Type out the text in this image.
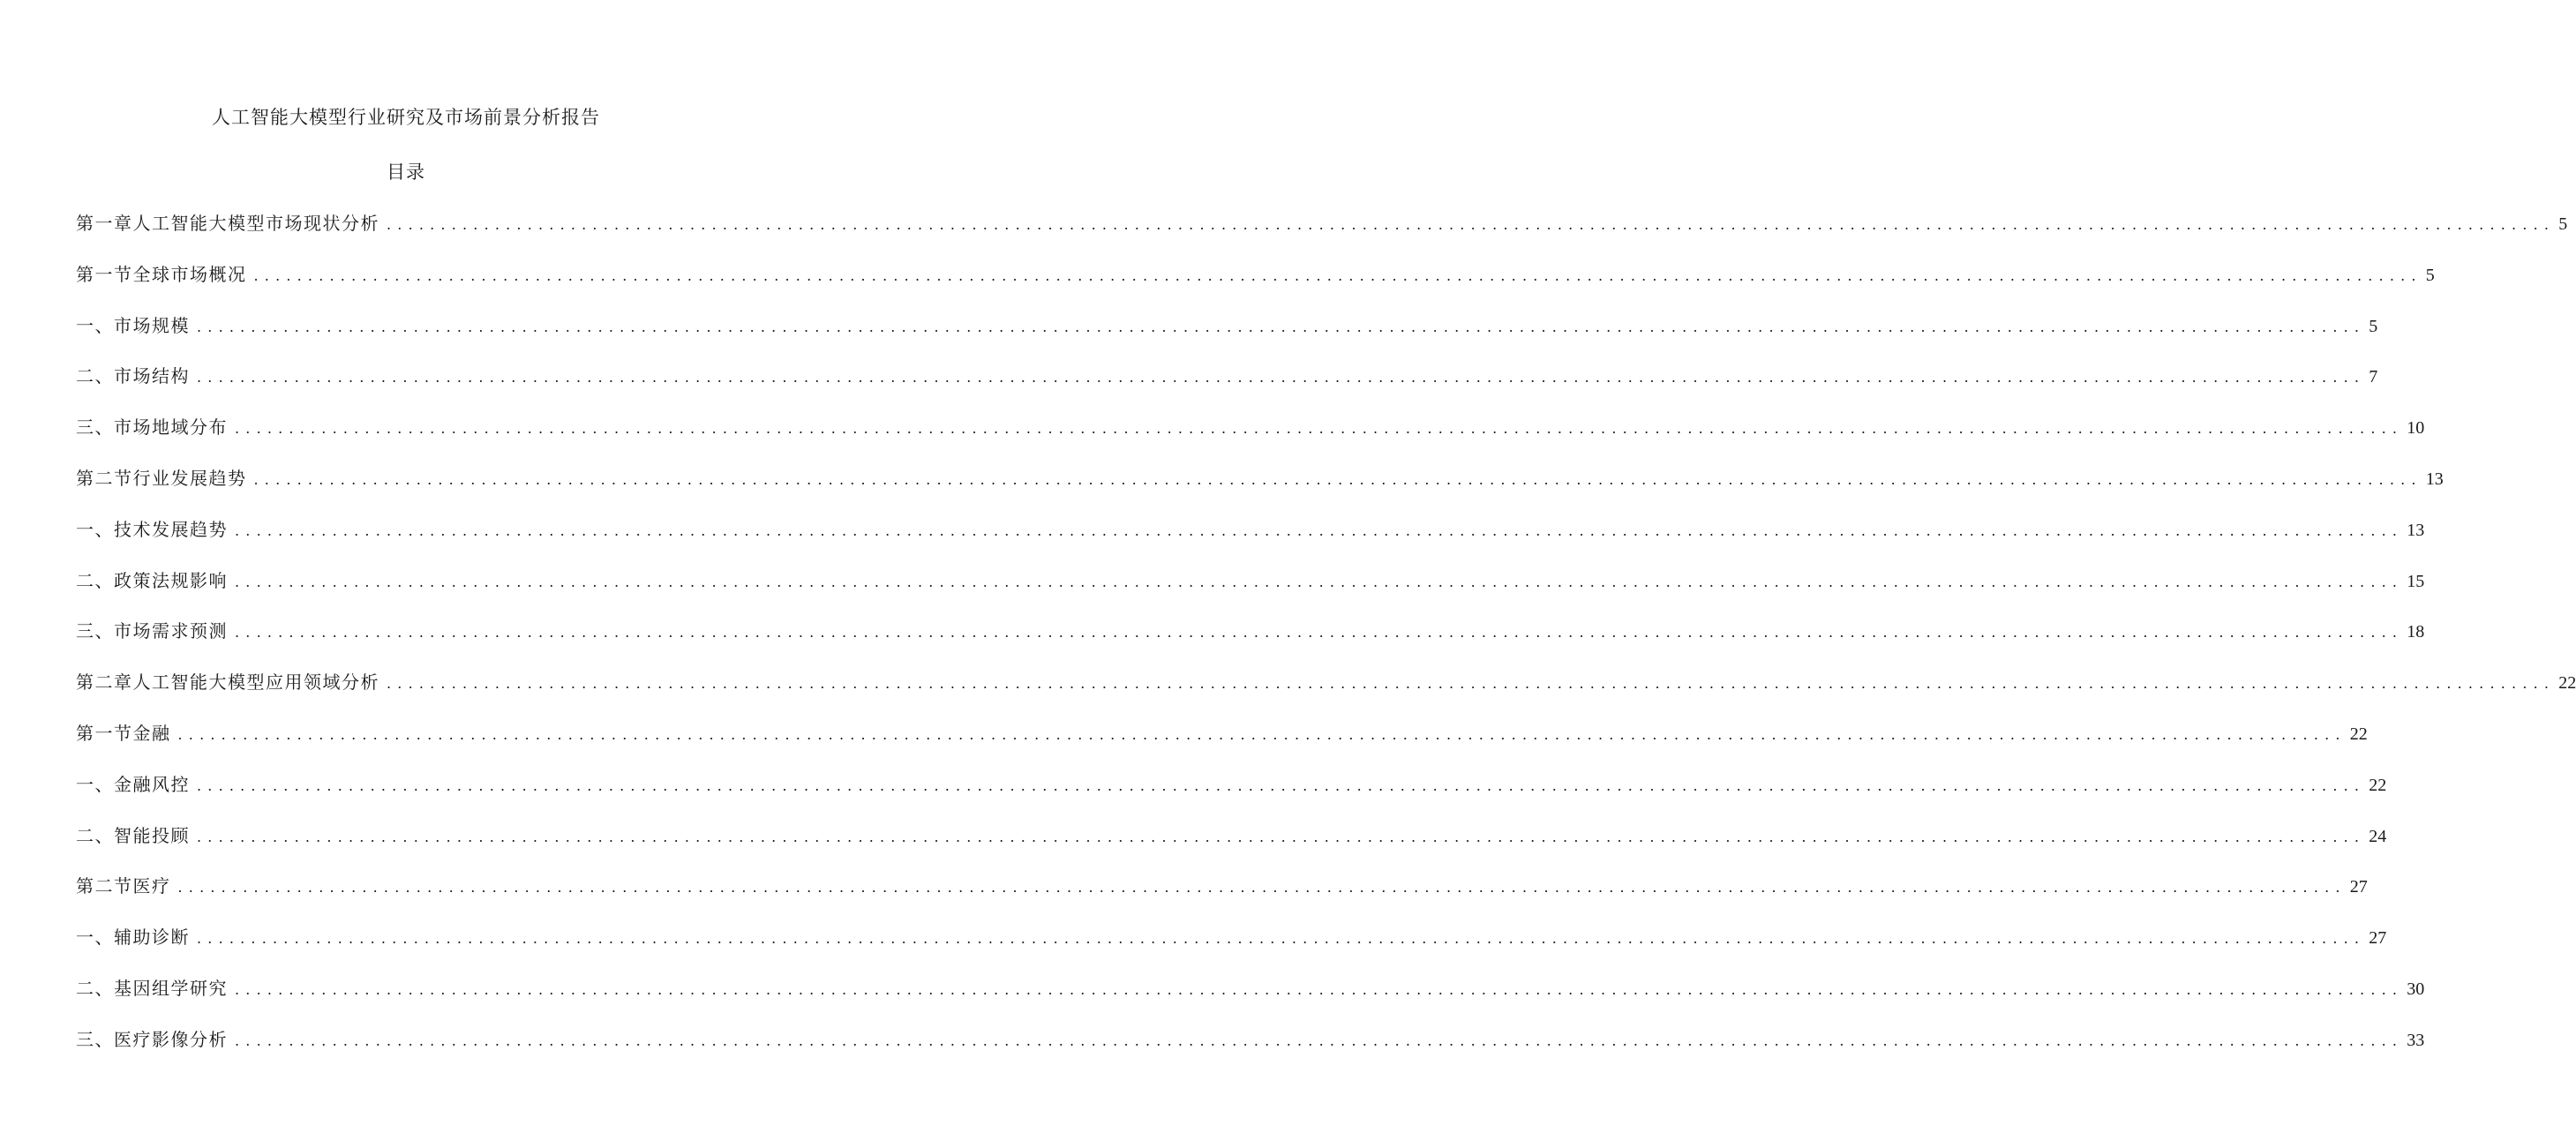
人工智能大模型行业研究及市场前景分析报告
目录
第一章人工智能大模型市场现状分析 ........................................................................................................................................................................................................ 5
第一节全球市场概况 ........................................................................................................................................................................................................ 5
一、市场规模 ........................................................................................................................................................................................................ 5
二、市场结构 ........................................................................................................................................................................................................ 7
三、市场地域分布 ........................................................................................................................................................................................................ 10
第二节行业发展趋势 ........................................................................................................................................................................................................ 13
一、技术发展趋势 ........................................................................................................................................................................................................ 13
二、政策法规影响 ........................................................................................................................................................................................................ 15
三、市场需求预测 ........................................................................................................................................................................................................ 18
第二章人工智能大模型应用领域分析 ........................................................................................................................................................................................................ 22
第一节金融 ........................................................................................................................................................................................................ 22
一、金融风控 ........................................................................................................................................................................................................ 22
二、智能投顾 ........................................................................................................................................................................................................ 24
第二节医疗 ........................................................................................................................................................................................................ 27
一、辅助诊断 ........................................................................................................................................................................................................ 27
二、基因组学研究 ........................................................................................................................................................................................................ 30
三、医疗影像分析 ........................................................................................................................................................................................................ 33
